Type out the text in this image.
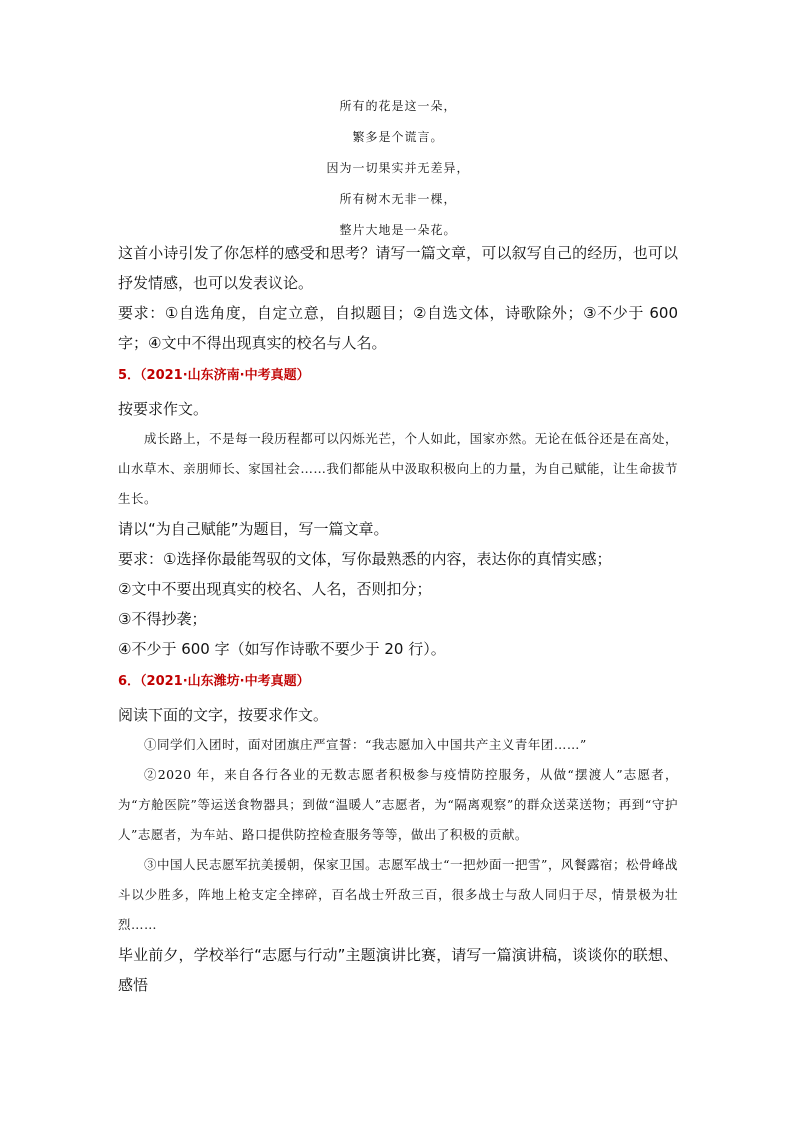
所有的花是这一朵，

繁多是个谎言。

因为一切果实并无差异，

所有树木无非一棵，

整片大地是一朵花。

这首小诗引发了你怎样的感受和思考？请写一篇文章，可以叙写自己的经历，也可以抒发情感，也可以发表议论。

要求：①自选角度，自定立意，自拟题目；②自选文体，诗歌除外；③不少于 600 字；④文中不得出现真实的校名与人名。

5．（2021·山东济南·中考真题）

按要求作文。

成长路上，不是每一段历程都可以闪烁光芒，个人如此，国家亦然。无论在低谷还是在高处，山水草木、亲朋师长、家国社会……我们都能从中汲取积极向上的力量，为自己赋能，让生命拔节生长。

请以“为自己赋能”为题目，写一篇文章。

要求：①选择你最能驾驭的文体，写你最熟悉的内容，表达你的真情实感；

②文中不要出现真实的校名、人名，否则扣分；

③不得抄袭；

④不少于 600 字（如写作诗歌不要少于 20 行）。

6．（2021·山东潍坊·中考真题）

阅读下面的文字，按要求作文。

①同学们入团时，面对团旗庄严宣誓：“我志愿加入中国共产主义青年团……”

②2020 年，来自各行各业的无数志愿者积极参与疫情防控服务，从做“摆渡人”志愿者，为“方舱医院”等运送食物器具；到做“温暖人”志愿者，为“隔离观察”的群众送菜送物；再到“守护人”志愿者，为车站、路口提供防控检查服务等等，做出了积极的贡献。

③中国人民志愿军抗美援朝，保家卫国。志愿军战士“一把炒面一把雪”，风餐露宿；松骨峰战斗以少胜多，阵地上枪支定全摔碎，百名战士歼敌三百，很多战士与敌人同归于尽，情景极为壮烈……

毕业前夕，学校举行“志愿与行动”主题演讲比赛，请写一篇演讲稿，谈谈你的联想、感悟
